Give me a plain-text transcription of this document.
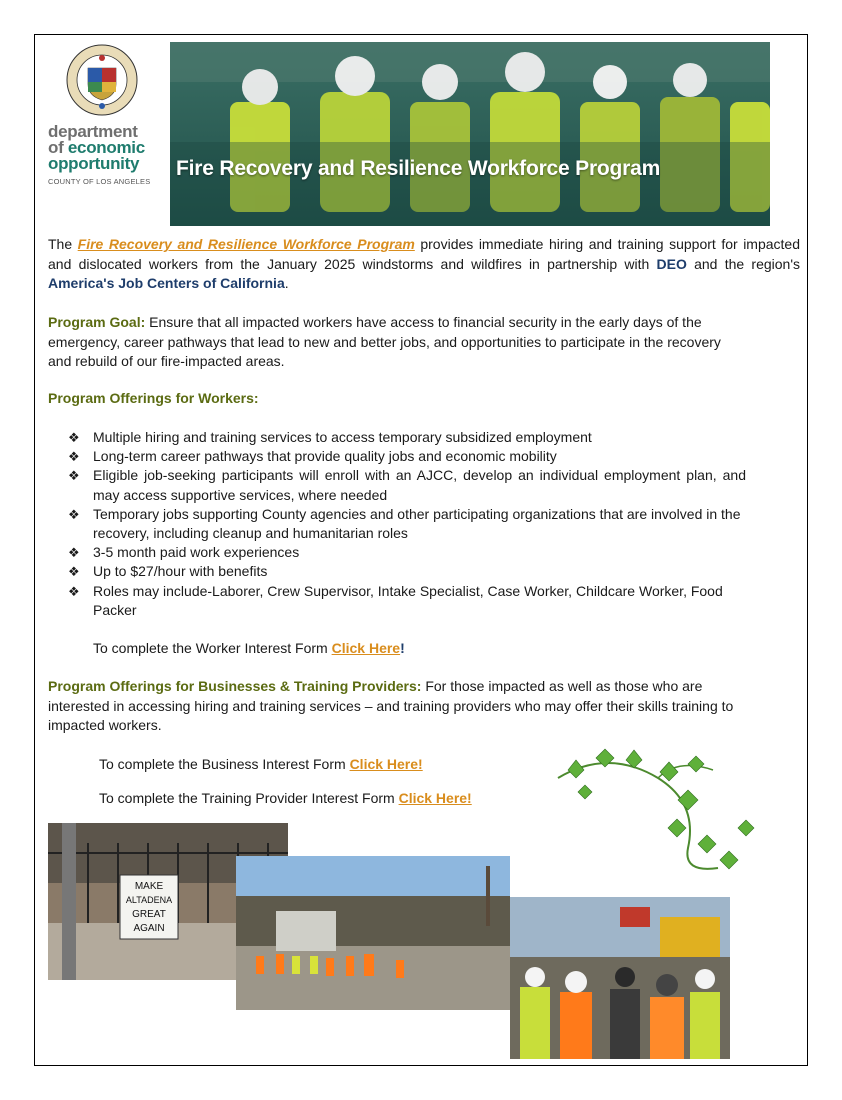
department
of economic
opportunity
COUNTY OF LOS ANGELES
Fire Recovery and Resilience Workforce Program
The Fire Recovery and Resilience Workforce Program provides immediate hiring and training support for impacted and dislocated workers from the January 2025 windstorms and wildfires in partnership with DEO and the region's America's Job Centers of California.
Program Goal: Ensure that all impacted workers have access to financial security in the early days of the emergency, career pathways that lead to new and better jobs, and opportunities to participate in the recovery and rebuild of our fire-impacted areas.
Program Offerings for Workers:
❖ Multiple hiring and training services to access temporary subsidized employment
❖ Long-term career pathways that provide quality jobs and economic mobility
❖ Eligible job-seeking participants will enroll with an AJCC, develop an individual employment plan, and may access supportive services, where needed
❖ Temporary jobs supporting County agencies and other participating organizations that are involved in the recovery, including cleanup and humanitarian roles
❖ 3-5 month paid work experiences
❖ Up to $27/hour with benefits
❖ Roles may include-Laborer, Crew Supervisor, Intake Specialist, Case Worker, Childcare Worker, Food Packer
To complete the Worker Interest Form Click Here!
Program Offerings for Businesses & Training Providers: For those impacted as well as those who are interested in accessing hiring and training services – and training providers who may offer their skills training to impacted workers.
To complete the Business Interest Form Click Here!
To complete the Training Provider Interest Form Click Here!
MAKE
ALTADENA
GREAT
AGAIN
